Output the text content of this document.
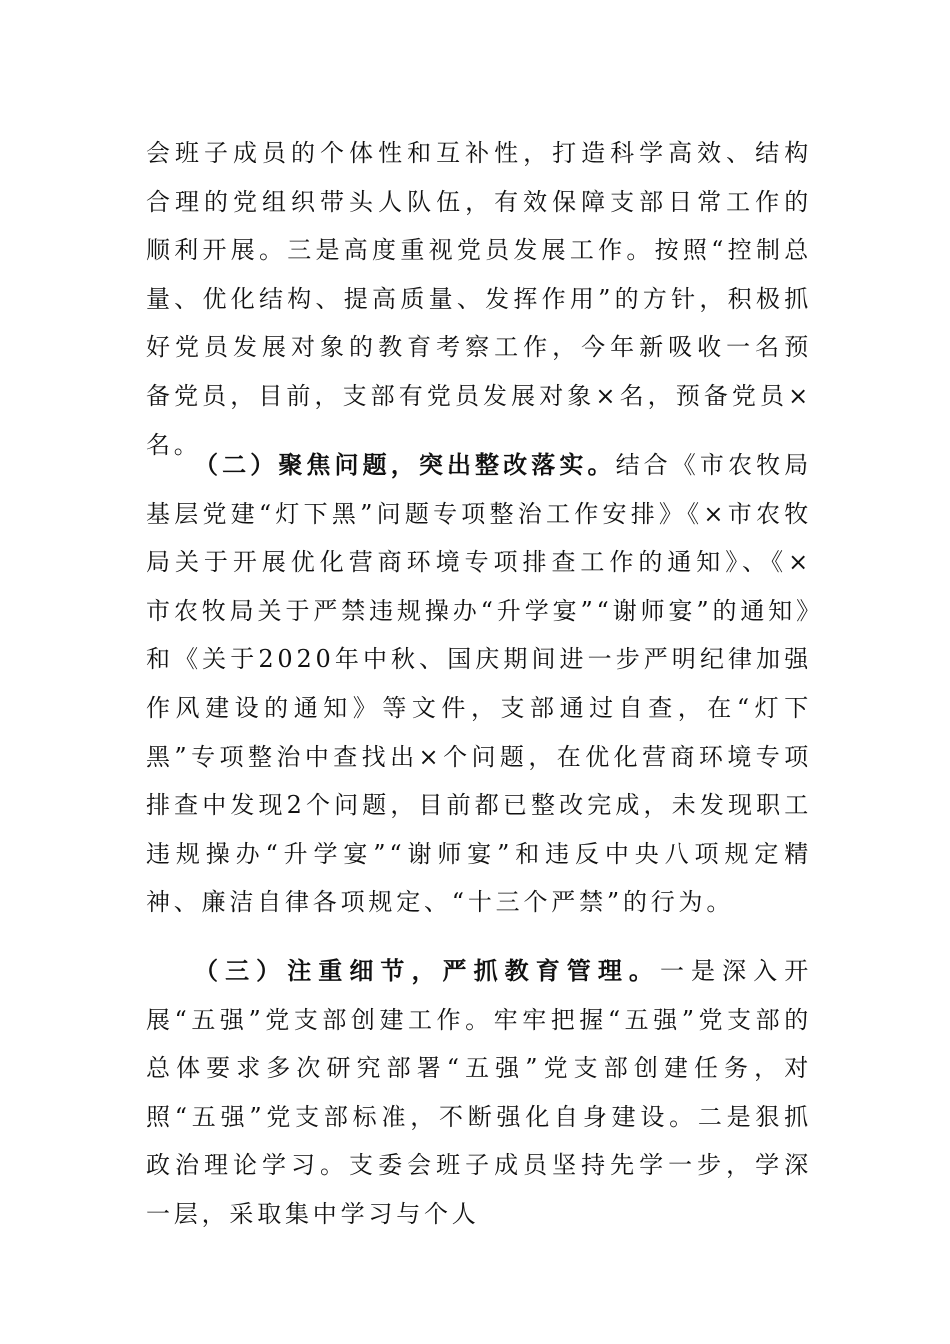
会班子成员的个体性和互补性，打造科学高效、结构合理的党组织带头人队伍，有效保障支部日常工作的顺利开展。三是高度重视党员发展工作。按照“控制总量、优化结构、提高质量、发挥作用”的方针，积极抓好党员发展对象的教育考察工作，今年新吸收一名预备党员，目前，支部有党员发展对象×名，预备党员×名。

（二）聚焦问题，突出整改落实。结合《市农牧局基层党建“灯下黑”问题专项整治工作安排》《×市农牧局关于开展优化营商环境专项排查工作的通知》、《×市农牧局关于严禁违规操办“升学宴”“谢师宴”的通知》和《关于2020年中秋、国庆期间进一步严明纪律加强作风建设的通知》等文件，支部通过自查，在“灯下黑”专项整治中查找出×个问题，在优化营商环境专项排查中发现2个问题，目前都已整改完成，未发现职工违规操办“升学宴”“谢师宴”和违反中央八项规定精神、廉洁自律各项规定、“十三个严禁”的行为。

（三）注重细节，严抓教育管理。一是深入开展“五强”党支部创建工作。牢牢把握“五强”党支部的总体要求多次研究部署“五强”党支部创建任务，对照“五强”党支部标准，不断强化自身建设。二是狠抓政治理论学习。支委会班子成员坚持先学一步，学深一层，采取集中学习与个人
